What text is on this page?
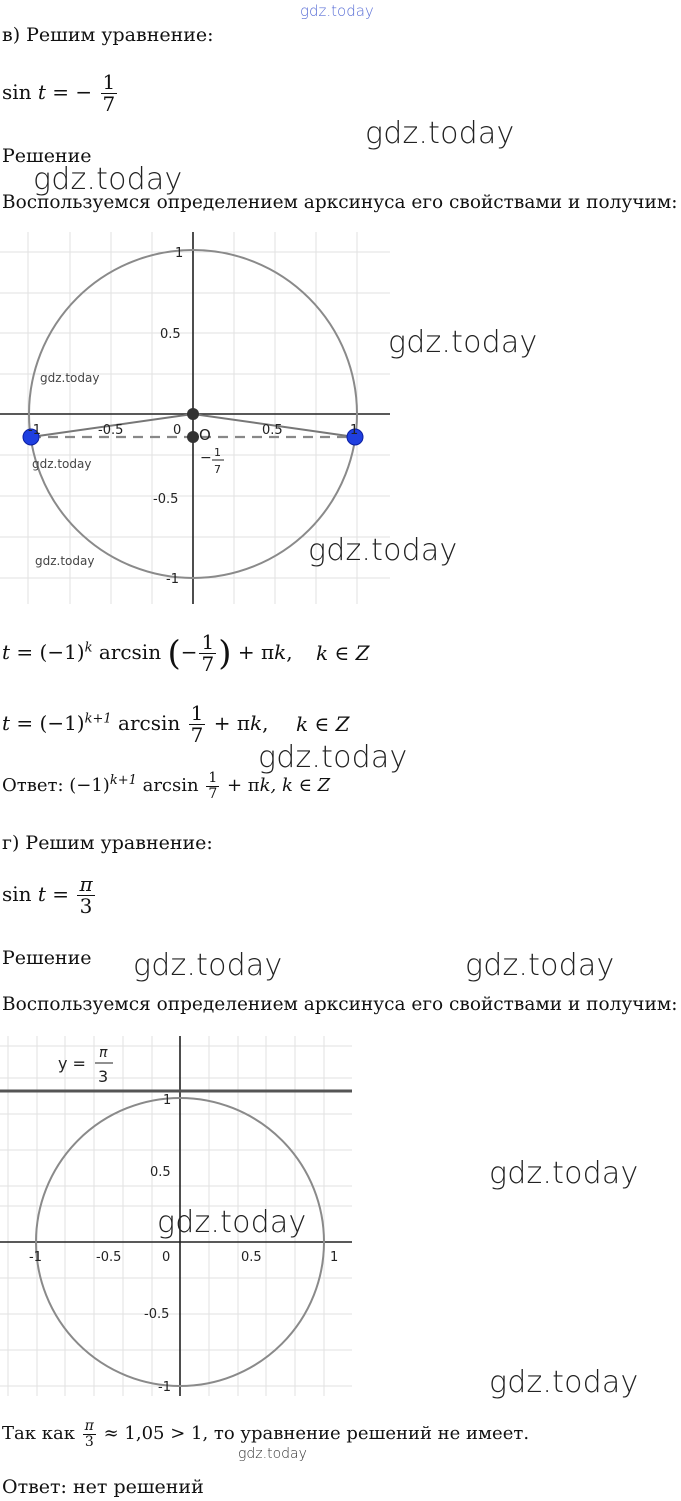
gdz.today
в) Решим уравнение:
sin t = − $\frac{1}{7}$
gdz.today
Решение
gdz.today
Воспользуемся определением арксинуса его свойствами и получим:
-1	-0.5	0	0.5	1
1
0.5
-0.5
-1
O
− 1
7
gdz.today
gdz.today
gdz.today
gdz.today
gdz.today
$t = (-1)^k$ arcsin (− $\frac{1}{7}$ ) + πk, k ∈ Z
$t = (-1)^{k+1}$ $\arcsin \frac{1}{7} + \pi k$, k ∈ Z
gdz.today
Ответ: $(-1)^{k+1}$ $\arcsin \frac{1}{7} + \pi k$, k ∈ Z
г) Решим уравнение:
$\sin t = \frac{\pi}{3}$
Решение gdz.today	gdz.today
Воспользуемся определением арксинуса его свойствами и получим:
y =
π
3
-1	-0.5	0	0.5	1
1
0.5
-0.5
-1
gdz.today
gdz.today
gdz.today
Так как $\frac{\pi}{3} \approx 1,05 > 1$, то уравнение решений не имеет.
gdz.today
Ответ: нет решений
